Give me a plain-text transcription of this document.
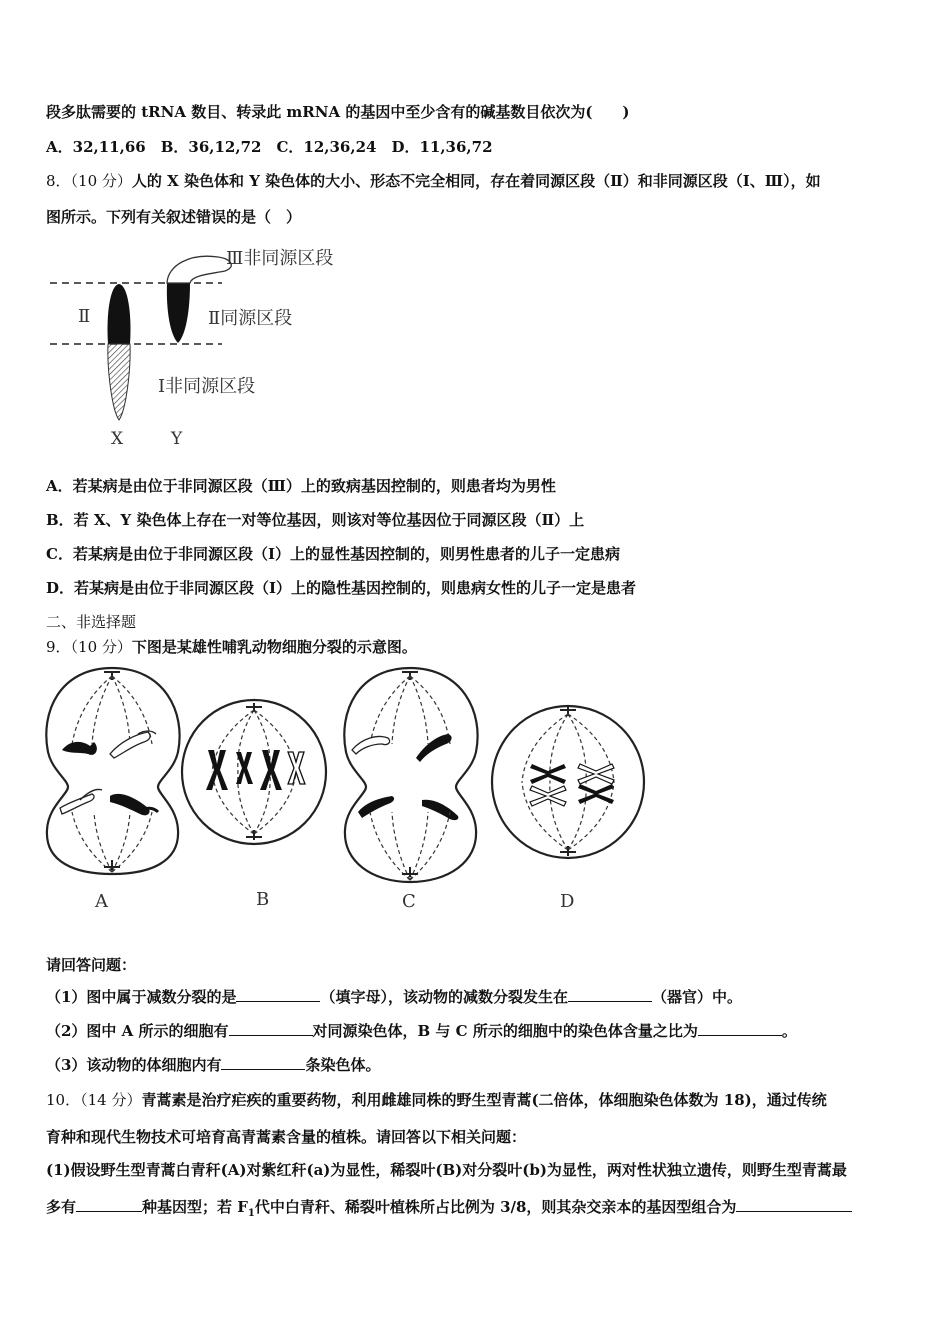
段多肽需要的 tRNA 数目、转录此 mRNA 的基因中至少含有的碱基数目依次为(　　)
A．32,11,66　B．36,12,72　C．12,36,24　D．11,36,72
8．（10 分）人的 X 染色体和 Y 染色体的大小、形态不完全相同，存在着同源区段（Ⅱ）和非同源区段（Ⅰ、Ⅲ），如
图所示。下列有关叙述错误的是（　）
Ⅲ非同源区段
Ⅱ	Ⅱ同源区段
Ⅰ非同源区段
X	Y
A．若某病是由位于非同源区段（Ⅲ）上的致病基因控制的，则患者均为男性
B．若 X、Y 染色体上存在一对等位基因，则该对等位基因位于同源区段（Ⅱ）上
C．若某病是由位于非同源区段（Ⅰ）上的显性基因控制的，则男性患者的儿子一定患病
D．若某病是由位于非同源区段（Ⅰ）上的隐性基因控制的，则患病女性的儿子一定是患者
二、非选择题
9．（10 分）下图是某雄性哺乳动物细胞分裂的示意图。
A	B	C	D
请回答问题：
（1）图中属于减数分裂的是	（填字母），该动物的减数分裂发生在	（器官）中。
（2）图中 A 所示的细胞有	对同源染色体，B 与 C 所示的细胞中的染色体含量之比为	。
（3）该动物的体细胞内有	条染色体。
10．（14 分）青蒿素是治疗疟疾的重要药物，利用雌雄同株的野生型青蒿(二倍体，体细胞染色体数为 18)，通过传统
育种和现代生物技术可培育高青蒿素含量的植株。请回答以下相关问题：
(1)假设野生型青蒿白青秆(A)对紫红秆(a)为显性，稀裂叶(B)对分裂叶(b)为显性，两对性状独立遗传，则野生型青蒿最
多有	种基因型；若 $F_1$代中白青秆、稀裂叶植株所占比例为 3/8，则其杂交亲本的基因型组合为
